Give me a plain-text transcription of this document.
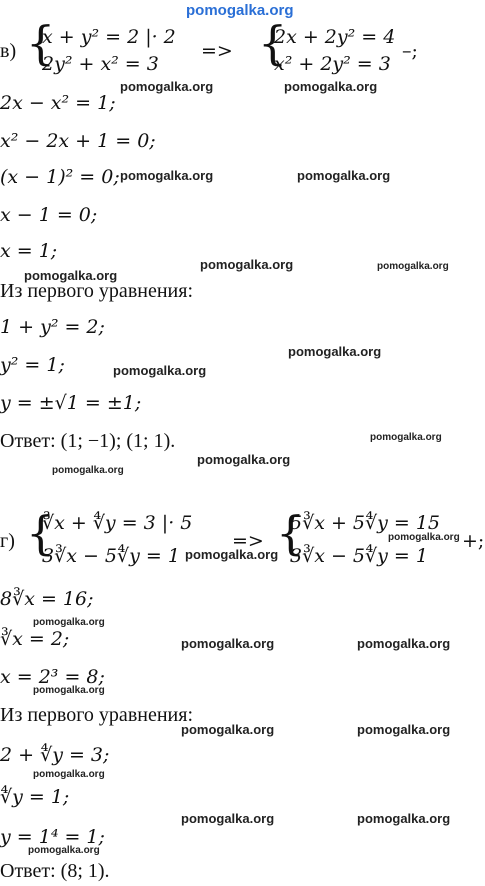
pomogalka.org
в) {
x + y² = 2 |· 2
2y² + x² = 3
=> {
2x + 2y² = 4
x² + 2y² = 3
–;
2x − x² = 1;
x² − 2x + 1 = 0;
(x − 1)² = 0;
x − 1 = 0;
x = 1;
Из первого уравнения:
1 + y² = 2;
y² = 1;
y = ±√1 = ±1;
Ответ: (1; −1); (1; 1).
г) {
∛x + ∜y = 3 |· 5
3∛x − 5∜y = 1
=> {
5∛x + 5∜y = 15
3∛x − 5∜y = 1
+;
8∛x = 16;
∛x = 2;
x = 2³ = 8;
Из первого уравнения:
2 + ∜y = 3;
∜y = 1;
y = 1⁴ = 1;
Ответ: (8; 1).
pomogalka.org	pomogalka.org
pomogalka.org	pomogalka.org
pomogalka.org
pomogalka.org	pomogalka.org
pomogalka.org
pomogalka.org
pomogalka.org
pomogalka.org
pomogalka.org
pomogalka.org
pomogalka.org
pomogalka.org
pomogalka.org	pomogalka.org
pomogalka.org
pomogalka.org	pomogalka.org
pomogalka.org
pomogalka.org	pomogalka.org
pomogalka.org
